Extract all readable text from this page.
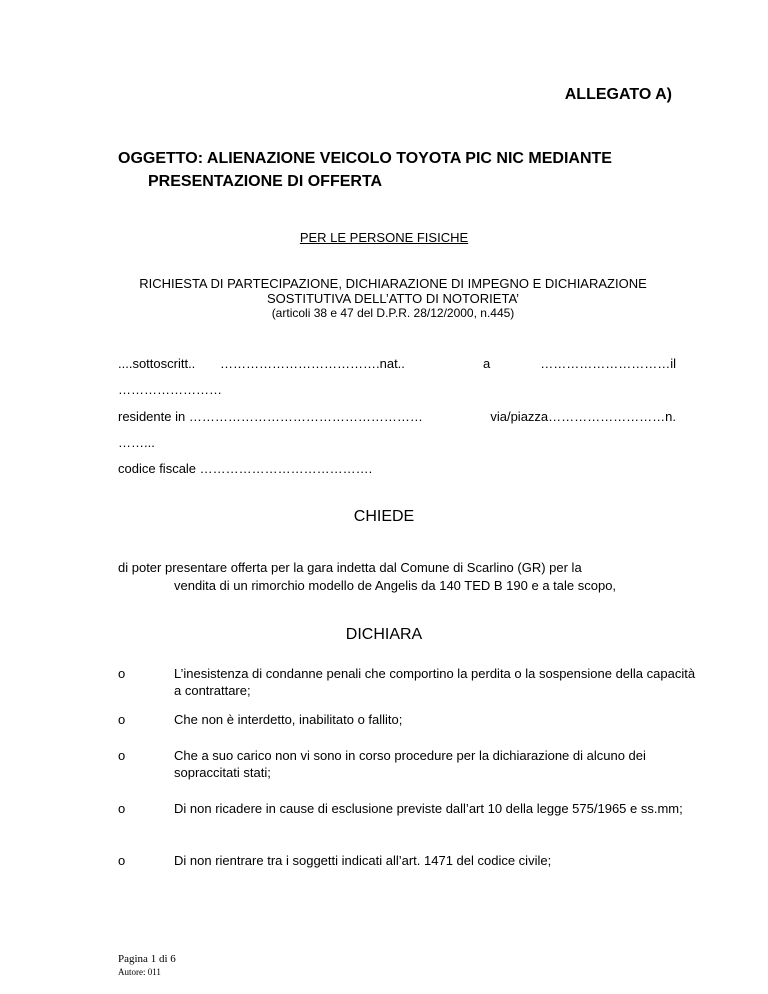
ALLEGATO A)

OGGETTO: ALIENAZIONE VEICOLO TOYOTA PIC NIC MEDIANTE

PRESENTAZIONE DI OFFERTA

PER LE PERSONE FISICHE

RICHIESTA DI PARTECIPAZIONE, DICHIARAZIONE DI IMPEGNO E DICHIARAZIONE
SOSTITUTIVA DELL’ATTO DI NOTORIETA’
(articoli 38 e 47 del D.P.R. 28/12/2000, n.445)
....sottoscritt.. ……………………………….nat..	a	…………………………il
……………………
residente in ………………………………………………	via/piazza………………………n.
……...
codice fiscale ………………………………….

CHIEDE

di poter presentare offerta per la gara indetta dal Comune di Scarlino (GR) per la

vendita di un rimorchio modello de Angelis da 140 TED B 190 e a tale scopo,

DICHIARA

o	L’inesistenza di condanne penali che comportino la perdita o la sospensione della capacità a contrattare;
o	Che non è interdetto, inabilitato o fallito;
o	Che a suo carico non vi sono in corso procedure per la dichiarazione di alcuno dei sopraccitati stati;
o	Di non ricadere in cause di esclusione previste dall’art 10 della legge 575/1965 e ss.mm;
o	Di non rientrare tra i soggetti indicati all’art. 1471 del codice civile;
Pagina 1 di 6
Autore: 011
